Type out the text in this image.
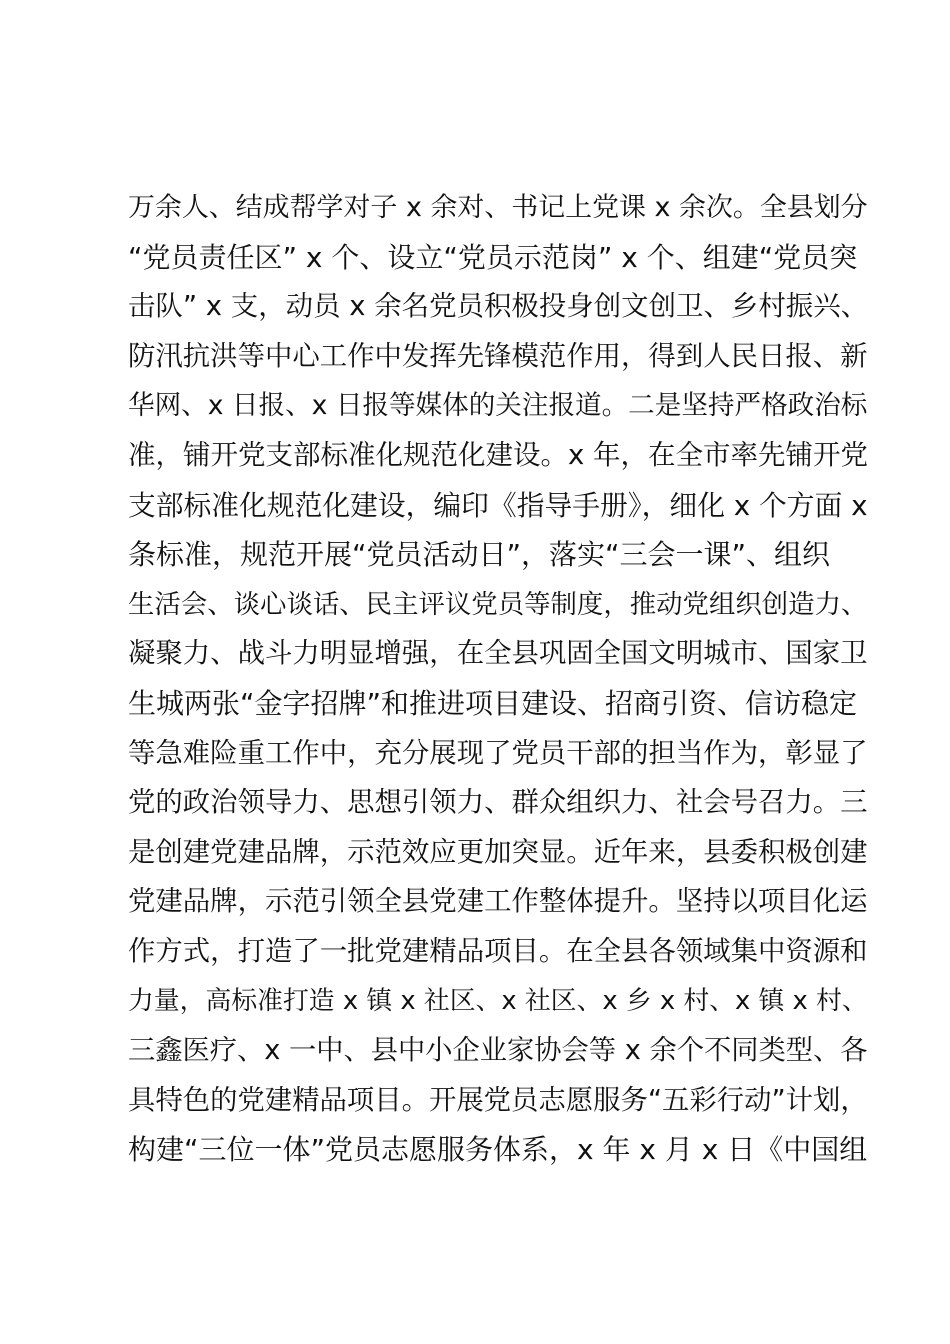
万余人、结成帮学对子 x 余对、书记上党课 x 余次。全县划分
“党员责任区” x 个、设立“党员示范岗” x 个、组建“党员突
击队” x 支，动员 x 余名党员积极投身创文创卫、乡村振兴、
防汛抗洪等中心工作中发挥先锋模范作用，得到人民日报、新
华网、x 日报、x 日报等媒体的关注报道。二是坚持严格政治标
准，铺开党支部标准化规范化建设。x 年，在全市率先铺开党
支部标准化规范化建设，编印《指导手册》，细化 x 个方面 x
条标准，规范开展“党员活动日”，落实“三会一课”、组织
生活会、谈心谈话、民主评议党员等制度，推动党组织创造力、
凝聚力、战斗力明显增强，在全县巩固全国文明城市、国家卫
生城两张“金字招牌”和推进项目建设、招商引资、信访稳定
等急难险重工作中，充分展现了党员干部的担当作为，彰显了
党的政治领导力、思想引领力、群众组织力、社会号召力。三
是创建党建品牌，示范效应更加突显。近年来，县委积极创建
党建品牌，示范引领全县党建工作整体提升。坚持以项目化运
作方式，打造了一批党建精品项目。在全县各领域集中资源和
力量，高标准打造 x 镇 x 社区、x 社区、x 乡 x 村、x 镇 x 村、
三鑫医疗、x 一中、县中小企业家协会等 x 余个不同类型、各
具特色的党建精品项目。开展党员志愿服务“五彩行动”计划，
构建“三位一体”党员志愿服务体系，x 年 x 月 x 日《中国组
